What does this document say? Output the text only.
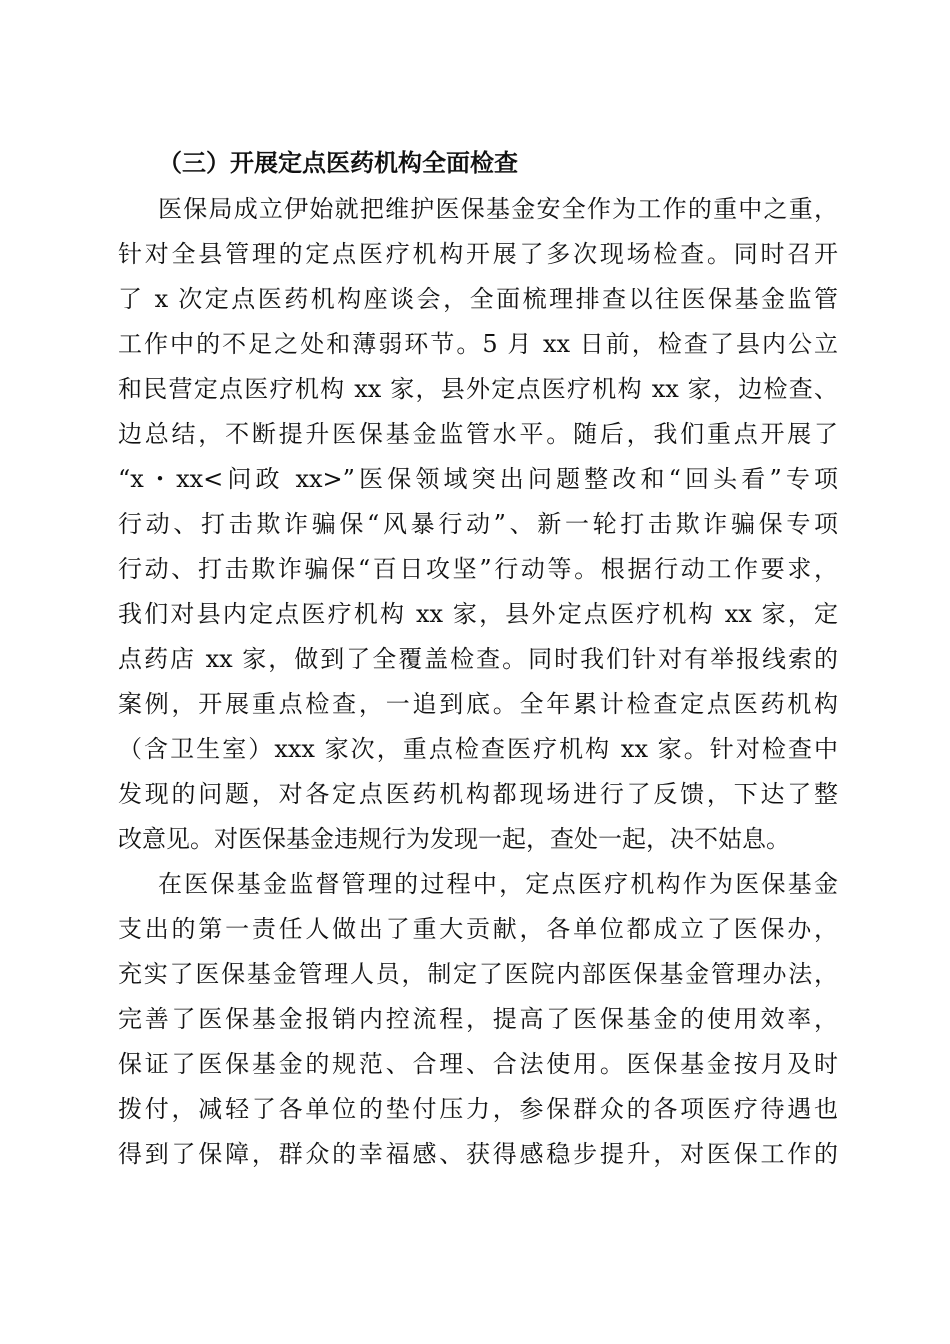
（三）开展定点医药机构全面检查
医保局成立伊始就把维护医保基金安全作为工作的重中之重，
针对全县管理的定点医疗机构开展了多次现场检查。同时召开
了 x 次定点医药机构座谈会，全面梳理排查以往医保基金监管
工作中的不足之处和薄弱环节。5 月 xx 日前，检查了县内公立
和民营定点医疗机构 xx 家，县外定点医疗机构 xx 家，边检查、
边总结，不断提升医保基金监管水平。随后，我们重点开展了
“x・xx<问政 xx>”医保领域突出问题整改和“回头看”专项
行动、打击欺诈骗保“风暴行动”、新一轮打击欺诈骗保专项
行动、打击欺诈骗保“百日攻坚”行动等。根据行动工作要求，
我们对县内定点医疗机构 xx 家，县外定点医疗机构 xx 家，定
点药店 xx 家，做到了全覆盖检查。同时我们针对有举报线索的
案例，开展重点检查，一追到底。全年累计检查定点医药机构
（含卫生室）xxx 家次，重点检查医疗机构 xx 家。针对检查中
发现的问题，对各定点医药机构都现场进行了反馈，下达了整
改意见。对医保基金违规行为发现一起，查处一起，决不姑息。
在医保基金监督管理的过程中，定点医疗机构作为医保基金
支出的第一责任人做出了重大贡献，各单位都成立了医保办，
充实了医保基金管理人员，制定了医院内部医保基金管理办法，
完善了医保基金报销内控流程，提高了医保基金的使用效率，
保证了医保基金的规范、合理、合法使用。医保基金按月及时
拨付，减轻了各单位的垫付压力，参保群众的各项医疗待遇也
得到了保障，群众的幸福感、获得感稳步提升，对医保工作的
